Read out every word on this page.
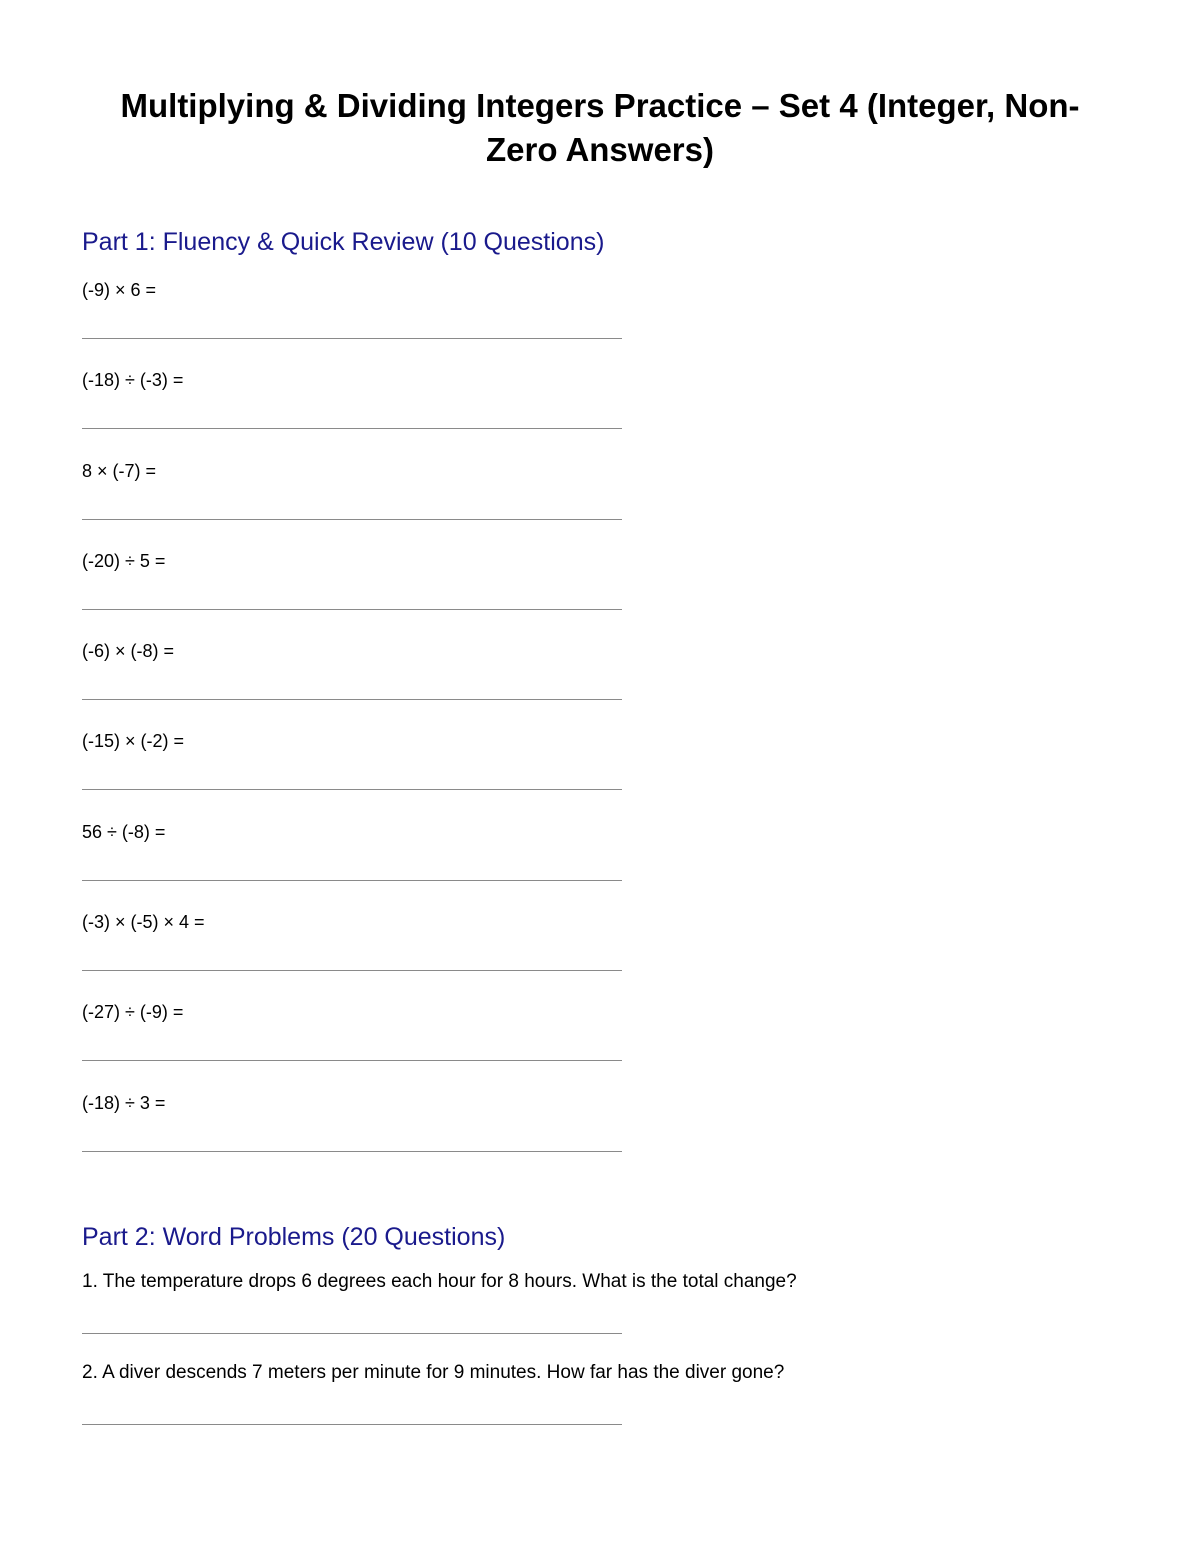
Multiplying & Dividing Integers Practice – Set 4 (Integer, Non-Zero Answers)
Part 1: Fluency & Quick Review (10 Questions)
(-9) × 6 =
(-18) ÷ (-3) =
8 × (-7) =
(-20) ÷ 5 =
(-6) × (-8) =
(-15) × (-2) =
56 ÷ (-8) =
(-3) × (-5) × 4 =
(-27) ÷ (-9) =
(-18) ÷ 3 =
Part 2: Word Problems (20 Questions)
1. The temperature drops 6 degrees each hour for 8 hours. What is the total change?
2. A diver descends 7 meters per minute for 9 minutes. How far has the diver gone?
